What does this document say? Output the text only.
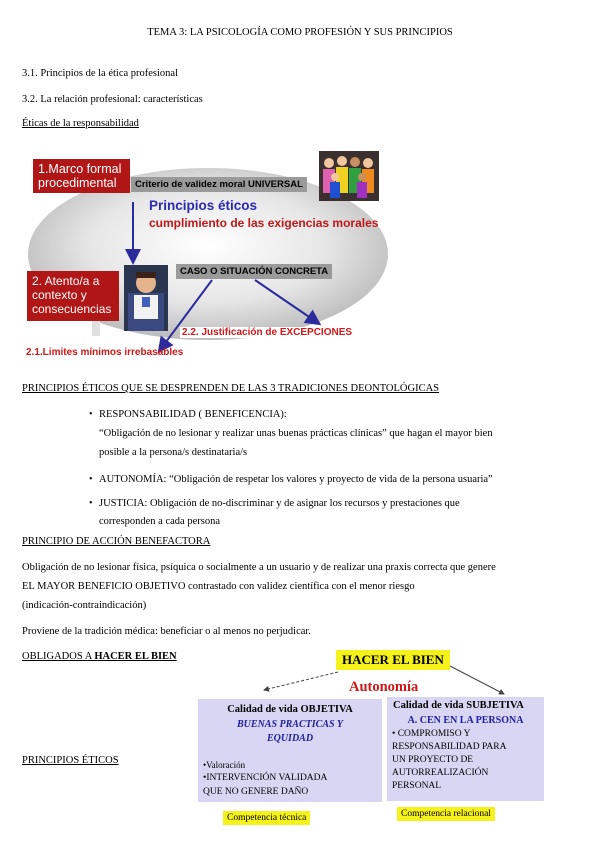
TEMA 3: LA PSICOLOGÍA COMO PROFESIÓN Y SUS PRINCIPIOS
3.1. Principios de la ética profesional
3.2. La relación profesional: características
Éticas de la responsabilidad
1.Marco formal procedimental	Criterio de validez moral UNIVERSAL
Principios éticos
cumplimiento de las exigencias morales
2. Atento/a a contexto y consecuencias
CASO O SITUACIÓN CONCRETA
2.2. Justificación de EXCEPCIONES
2.1.Limites mínimos irrebasables
PRINCIPIOS ÉTICOS QUE SE DESPRENDEN DE LAS 3 TRADICIONES DEONTOLÓGICAS
• RESPONSABILIDAD ( BENEFICENCIA):
“Obligación de no lesionar y realizar unas buenas prácticas clínicas” que hagan el mayor bien
posible a la persona/s destinataria/s
• AUTONOMÍA: “Obligación de respetar los valores y proyecto de vida de la persona usuaria”
• JUSTICIA: Obligación de no-discriminar y de asignar los recursos y prestaciones que
corresponden a cada persona
PRINCIPIO DE ACCIÓN BENEFACTORA
Obligación de no lesionar física, psíquica o socialmente a un usuario y de realizar una praxis correcta que genere
EL MAYOR BENEFICIO OBJETIVO contrastado con validez científica con el menor riesgo
(indicación-contraindicación)
Proviene de la tradición médica: beneficiar o al menos no perjudicar.
OBLIGADOS A HACER EL BIEN
PRINCIPIOS ÉTICOS
HACER EL BIEN
Autonomía
Calidad de vida OBJETIVA
BUENAS PRACTICAS Y
EQUIDAD
•Valoración
•INTERVENCIÓN VALIDADA
QUE NO GENERE DAÑO
Calidad de vida SUBJETIVA
A. CEN EN LA PERSONA
• COMPROMISO Y
RESPONSABILIDAD PARA
UN PROYECTO DE
AUTORREALIZACIÓN
PERSONAL
Competencia técnica	Competencia relacional
